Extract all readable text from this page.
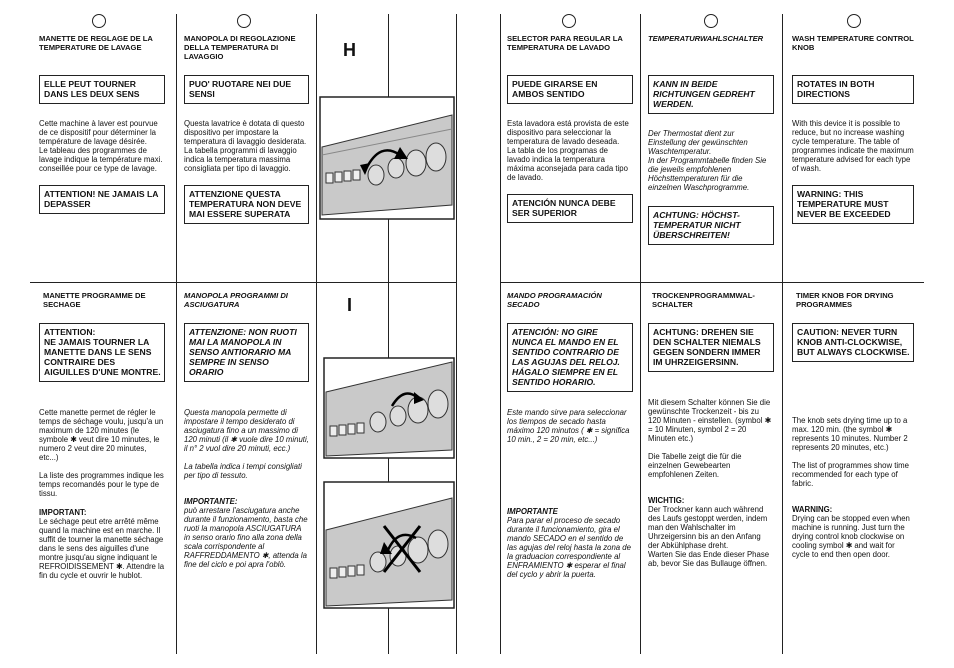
H
I
MANETTE DE REGLAGE DE LA TEMPERATURE DE LAVAGE
ELLE PEUT TOURNER DANS LES DEUX SENS
Cette machine à laver est pourvue de ce dispositif pour déterminer la température de lavage désirée.
Le tableau des programmes de lavage indique la température maxi. conseillée pour ce type de lavage.
ATTENTION! NE JAMAIS LA DEPASSER
MANOPOLA DI REGOLAZIONE DELLA TEMPERATURA DI LAVAGGIO
PUO' RUOTARE NEI DUE SENSI
Questa lavatrice è dotata di questo dispositivo per impostare la temperatura di lavaggio desiderata.
La tabella programmi di lavaggio indica la temperatura massima consigliata per tipo di lavaggio.
ATTENZIONE QUESTA TEMPERATURA NON DEVE MAI ESSERE SUPERATA
SELECTOR PARA REGULAR LA TEMPERATURA DE LAVADO
PUEDE GIRARSE EN AMBOS SENTIDO
Esta lavadora está provista de este dispositivo para seleccionar la temperatura de lavado deseada.
La tabla de los programas de lavado indica la temperatura máxima aconsejada para cada tipo de lavado.
ATENCIÓN NUNCA DEBE SER SUPERIOR
TEMPERATURWAHLSCHALTER
KANN IN BEIDE RICHTUNGEN GEDREHT WERDEN.
Der Thermostat dient zur Einstellung der gewünschten Waschtemperatur.
In der Programmtabelle finden Sie die jeweils empfohlenen Höchsttemperaturen für die einzelnen Waschprogramme.
ACHTUNG: HÖCHST-TEMPERATUR NICHT ÜBERSCHREITEN!
WASH TEMPERATURE CONTROL KNOB
ROTATES IN BOTH DIRECTIONS
With this device it is possible to reduce, but no increase washing cycle temperature. The table of programmes indicate the maximum temperature advised for each type of wash.
WARNING: THIS TEMPERATURE MUST NEVER BE EXCEEDED
MANETTE PROGRAMME DE SECHAGE
ATTENTION:
NE JAMAIS TOURNER LA MANETTE DANS LE SENS CONTRAIRE DES AIGUILLES D'UNE MONTRE.
Cette manette permet de régler le temps de séchage voulu, jusqu'a un maximum de 120 minutes (le symbole ✱ veut dire 10 minutes, le numero 2 veut dire 20 minutes, etc...)
La liste des programmes indique les temps recomandés pour le type de tissu.
IMPORTANT:
Le séchage peut etre arrêté même quand la machine est en marche. Il suffit de tourner la manette séchage dans le sens des aiguilles d'une montre jusqu'au signe indiquant le REFROIDISSEMENT ✱. Attendre la fin du cycle et ouvrir le hublot.
MANOPOLA PROGRAMMI DI ASCIUGATURA
ATTENZIONE: NON RUOTI MAI LA MANOPOLA IN SENSO ANTIORARIO MA SEMPRE IN SENSO ORARIO
Questa manopola permette di impostare il tempo desiderato di asciugatura fino a un massimo di 120 minuti (il ✱ vuole dire 10 minuti, il n° 2 vuol dire 20 minuti, ecc.)
La tabella indica i tempi consigliati per tipo di tessuto.
IMPORTANTE:
può arrestare l'asciugatura anche durante il funzionamento, basta che ruoti la manopola ASCIUGATURA in senso orario fino alla zona della scala corrispondente al RAFFREDDAMENTO ✱, attenda la fine del ciclo e poi apra l'oblò.
MANDO PROGRAMACIÓN SECADO
ATENCIÓN: NO GIRE NUNCA EL MANDO EN EL SENTIDO CONTRARIO DE LAS AGUJAS DEL RELOJ. HÁGALO SIEMPRE EN EL SENTIDO HORARIO.
Este mando sirve para seleccionar los tiempos de secado hasta máximo 120 minutos ( ✱ = significa 10 min., 2 = 20 min, etc...)
IMPORTANTE
Para parar el proceso de secado durante il funcionamiento, gira el mando SECADO en el sentido de las agujas del reloj hasta la zona de la graduacion correspondiente al ENFRAMIENTO ✱ esperar el final del cyclo y abrir la puerta.
TROCKENPROGRAMMWAL-SCHALTER
ACHTUNG: DREHEN SIE DEN SCHALTER NIEMALS GEGEN SONDERN IMMER IM UHRZEIGERSINN.
Mit diesem Schalter können Sie die gewünschte Trockenzeit - bis zu 120 Minuten - einstellen. (symbol ✱ = 10 Minuten, symbol 2 = 20 Minuten etc.)
Die Tabelle zeigt die für die einzelnen Gewebearten empfohlenen Zeiten.
WICHTIG:
Der Trockner kann auch während des Laufs gestoppt werden, indem man den Wahlschalter im Uhrzeigersinn bis an den Anfang der Abkühlphase dreht.
Warten Sie das Ende dieser Phase ab, bevor Sie das Bullauge öffnen.
TIMER KNOB FOR DRYING PROGRAMMES
CAUTION: NEVER TURN KNOB ANTI-CLOCKWISE, BUT ALWAYS CLOCKWISE.
The knob sets drying time up to a max. 120 min. (the symbol ✱ represents 10 minutes. Number 2 represents 20 minutes, etc.)
The list of programmes show time recommended for each type of fabric.
WARNING:
Drying can be stopped even when machine is running. Just turn the drying control knob clockwise on cooling symbol ✱ and wait for cycle to end then open door.
